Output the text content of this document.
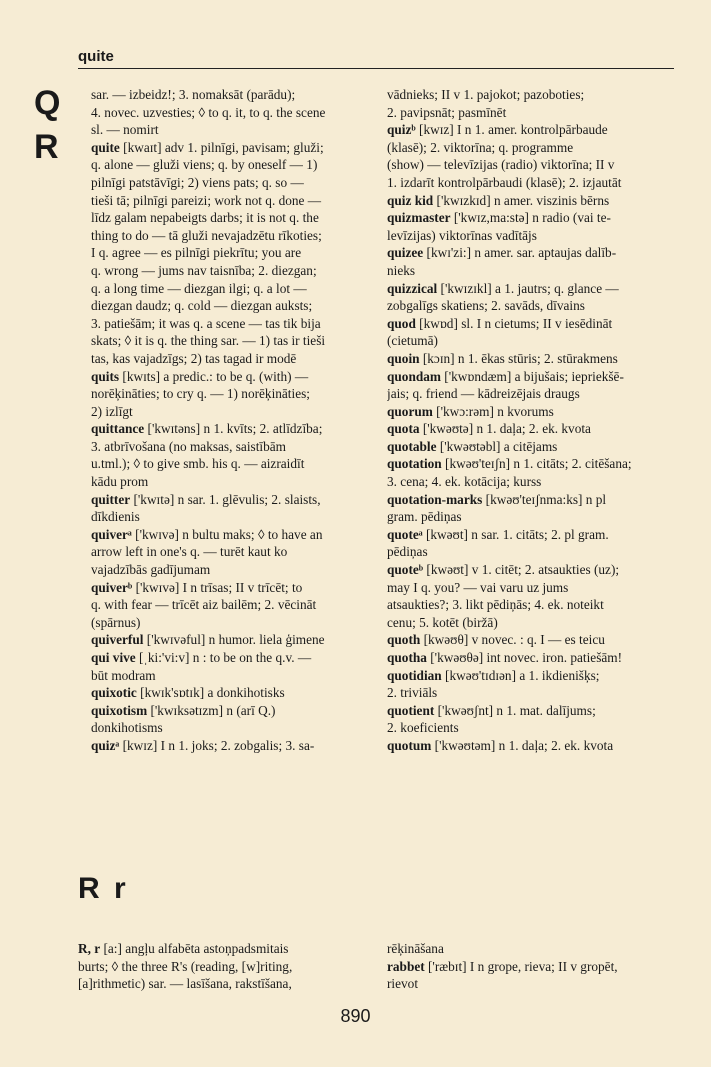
quite
Q
R
sar. — izbeidz!; 3. nomaksāt (parādu);
4. novec. uzvesties; ◊ to q. it, to q. the scene
sl. — nomirt
quite [kwaɪt] adv 1. pilnīgi, pavisam; gluži;
q. alone — gluži viens; q. by oneself — 1)
pilnīgi patstāvīgi; 2) viens pats; q. so —
tieši tā; pilnīgi pareizi; work not q. done —
līdz galam nepabeigts darbs; it is not q. the
thing to do — tā gluži nevajadzētu rīkoties;
I q. agree — es pilnīgi piekrītu; you are
q. wrong — jums nav taisnība; 2. diezgan;
q. a long time — diezgan ilgi; q. a lot —
diezgan daudz; q. cold — diezgan auksts;
3. patiešām; it was q. a scene — tas tik bija
skats; ◊ it is q. the thing sar. — 1) tas ir tieši
tas, kas vajadzīgs; 2) tas tagad ir modē
quits [kwɪts] a predic.: to be q. (with) —
norēķināties; to cry q. — 1) norēķināties;
2) izlīgt
quittance ['kwɪtəns] n 1. kvīts; 2. atlīdzība;
3. atbrīvošana (no maksas, saistībām
u.tml.); ◊ to give smb. his q. — aizraidīt
kādu prom
quitter ['kwɪtə] n sar. 1. glēvulis; 2. slaists,
dīkdienis
quiverᵃ ['kwɪvə] n bultu maks; ◊ to have an
arrow left in one's q. — turēt kaut ko
vajadzībās gadījumam
quiverᵇ ['kwɪvə] I n trīsas; II v trīcēt; to
q. with fear — trīcēt aiz bailēm; 2. vēcināt
(spārnus)
quiverful ['kwɪvəful] n humor. liela ģimene
qui vive [ˌki:'vi:v] n : to be on the q.v. —
būt modram
quixotic [kwɪk'sɒtɪk] a donkihotisks
quixotism ['kwɪksətɪzm] n (arī Q.)
donkihotisms
quizᵃ [kwɪz] I n 1. joks; 2. zobgalis; 3. sa-
vādnieks; II v 1. pajokot; pazoboties;
2. pavipsnāt; pasmīnēt
quizᵇ [kwɪz] I n 1. amer. kontrolpārbaude
(klasē); 2. viktorīna; q. programme
(show) — televīzijas (radio) viktorīna; II v
1. izdarīt kontrolpārbaudi (klasē); 2. izjautāt
quiz kid ['kwɪzkɪd] n amer. viszinis bērns
quizmaster ['kwɪz,ma:stə] n radio (vai te-
levīzijas) viktorīnas vadītājs
quizee [kwɪ'zi:] n amer. sar. aptaujas dalīb-
nieks
quizzical ['kwɪzɪkl] a 1. jautrs; q. glance —
zobgalīgs skatiens; 2. savāds, dīvains
quod [kwɒd] sl. I n cietums; II v iesēdināt
(cietumā)
quoin [kɔɪn] n 1. ēkas stūris; 2. stūrakmens
quondam ['kwɒndæm] a bijušais; iepriekšē-
jais; q. friend — kādreizējais draugs
quorum ['kwɔ:rəm] n kvorums
quota ['kwəʊtə] n 1. daļa; 2. ek. kvota
quotable ['kwəʊtəbl] a citējams
quotation [kwəʊ'teɪʃn] n 1. citāts; 2. citēšana;
3. cena; 4. ek. kotācija; kurss
quotation-marks [kwəʊ'teɪʃnma:ks] n pl
gram. pēdiņas
quoteᵃ [kwəʊt] n sar. 1. citāts; 2. pl gram.
pēdiņas
quoteᵇ [kwəʊt] v 1. citēt; 2. atsaukties (uz);
may I q. you? — vai varu uz jums
atsaukties?; 3. likt pēdiņās; 4. ek. noteikt
cenu; 5. kotēt (biržā)
quoth [kwəʊθ] v novec. : q. I — es teicu
quotha ['kwəʊθə] int novec. iron. patiešām!
quotidian [kwəʊ'tɪdɪən] a 1. ikdienišķs;
2. triviāls
quotient ['kwəʊʃnt] n 1. mat. dalījums;
2. koeficients
quotum ['kwəʊtəm] n 1. daļa; 2. ek. kvota
R r
R, r [a:] angļu alfabēta astoņpadsmitais
burts; ◊ the three R's (reading, [w]riting,
[a]rithmetic) sar. — lasīšana, rakstīšana,
rēķināšana
rabbet ['ræbɪt] I n grope, rieva; II v gropēt,
rievot
890
